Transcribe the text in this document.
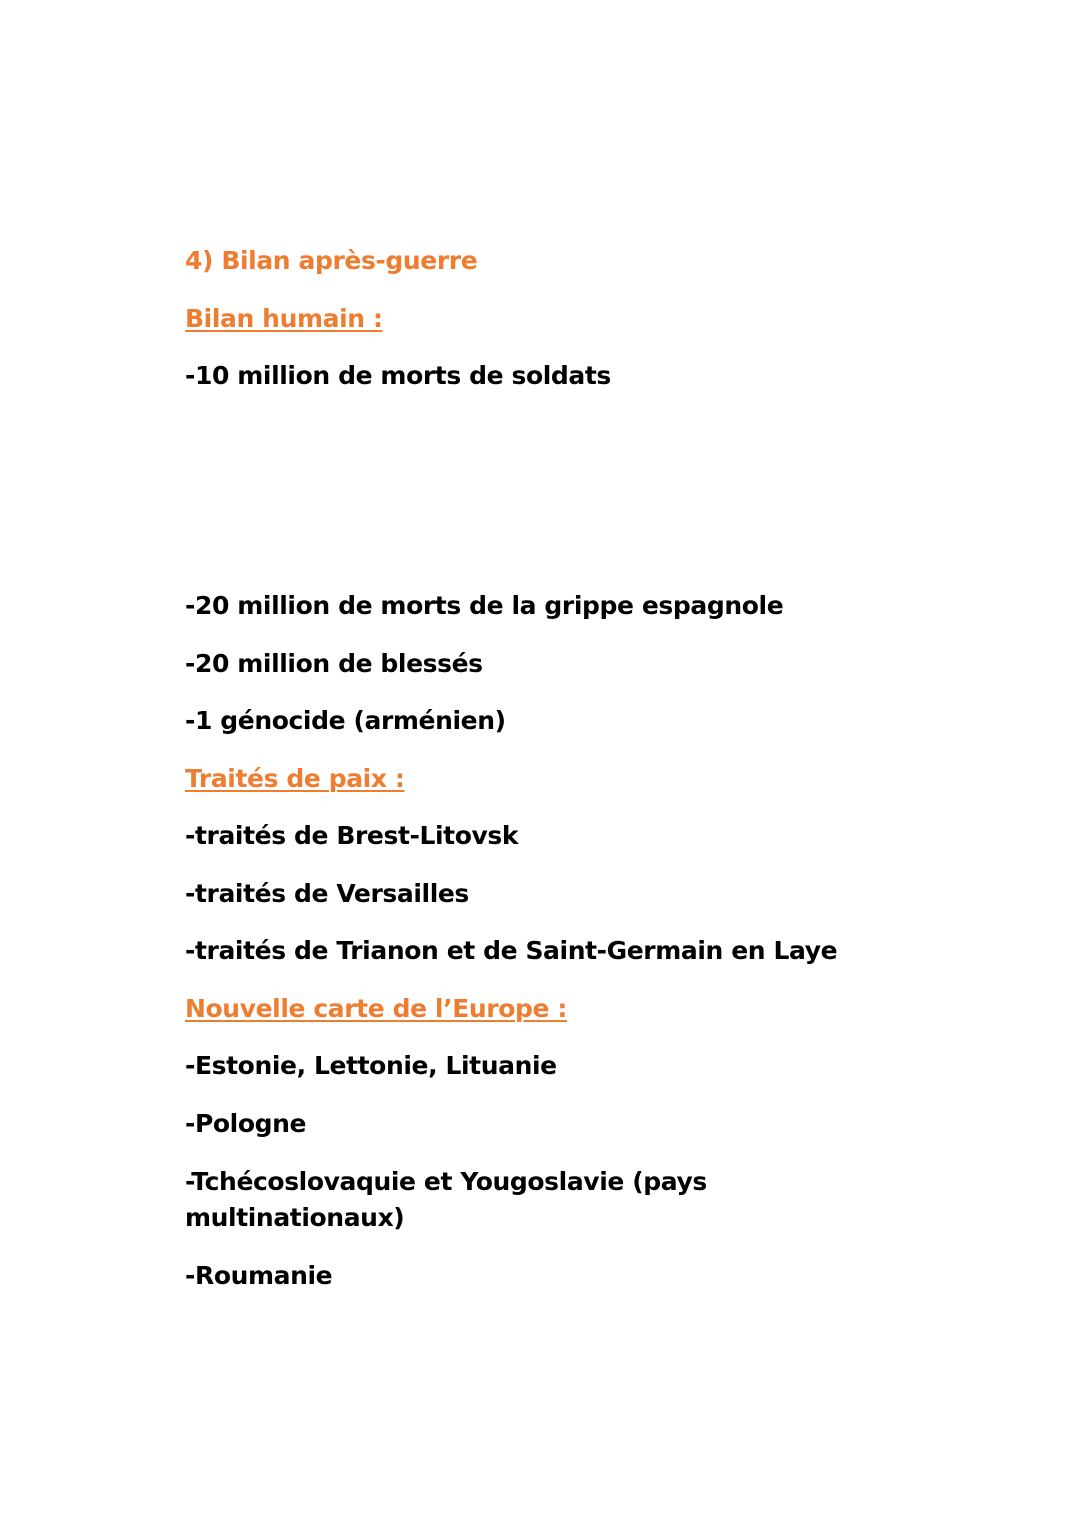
4) Bilan après-guerre

Bilan humain :

-10 million de morts de soldats

-20 million de morts de la grippe espagnole

-20 million de blessés

-1 génocide (arménien)

Traités de paix :

-traités de Brest-Litovsk

-traités de Versailles

-traités de Trianon et de Saint-Germain en Laye

Nouvelle carte de l’Europe :

-Estonie, Lettonie, Lituanie

-Pologne

-Tchécoslovaquie et Yougoslavie (pays multinationaux)

-Roumanie
